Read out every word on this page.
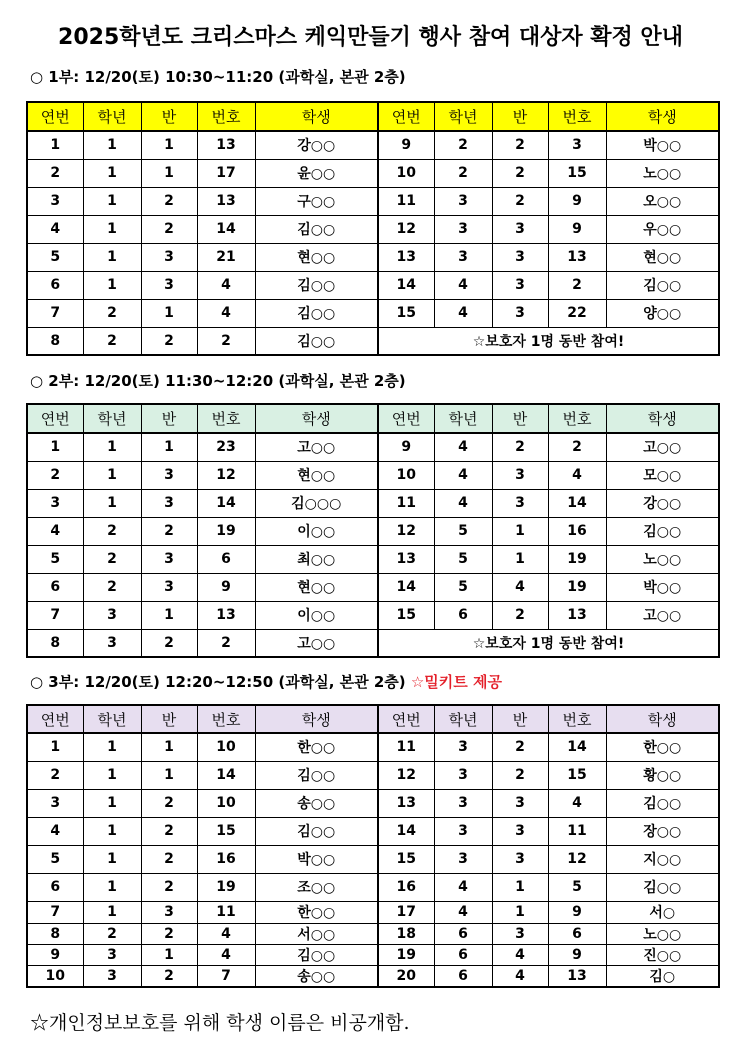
2025학년도 크리스마스 케익만들기 행사 참여 대상자 확정 안내
○ 1부: 12/20(토) 10:30~11:20 (과학실, 본관 2층)
연번	학년	반	번호	학생	연번	학년	반	번호	학생
1	1	1	13	강○○	9	2	2	3	박○○
2	1	1	17	윤○○	10	2	2	15	노○○
3	1	2	13	구○○	11	3	2	9	오○○
4	1	2	14	김○○	12	3	3	9	우○○
5	1	3	21	현○○	13	3	3	13	현○○
6	1	3	4	김○○	14	4	3	2	김○○
7	2	1	4	김○○	15	4	3	22	양○○
8	2	2	2	김○○	☆보호자 1명 동반 참여!				
○ 2부: 12/20(토) 11:30~12:20 (과학실, 본관 2층)
연번	학년	반	번호	학생	연번	학년	반	번호	학생
1	1	1	23	고○○	9	4	2	2	고○○
2	1	3	12	현○○	10	4	3	4	모○○
3	1	3	14	김○○○	11	4	3	14	강○○
4	2	2	19	이○○	12	5	1	16	김○○
5	2	3	6	최○○	13	5	1	19	노○○
6	2	3	9	현○○	14	5	4	19	박○○
7	3	1	13	이○○	15	6	2	13	고○○
8	3	2	2	고○○	☆보호자 1명 동반 참여!				
○ 3부: 12/20(토) 12:20~12:50 (과학실, 본관 2층) ☆밀키트 제공
연번	학년	반	번호	학생	연번	학년	반	번호	학생
1	1	1	10	한○○	11	3	2	14	한○○
2	1	1	14	김○○	12	3	2	15	황○○
3	1	2	10	송○○	13	3	3	4	김○○
4	1	2	15	김○○	14	3	3	11	장○○
5	1	2	16	박○○	15	3	3	12	지○○
6	1	2	19	조○○	16	4	1	5	김○○
7	1	3	11	한○○	17	4	1	9	서○
8	2	2	4	서○○	18	6	3	6	노○○
9	3	1	4	김○○	19	6	4	9	진○○
10	3	2	7	송○○	20	6	4	13	김○
☆개인정보보호를 위해 학생 이름은 비공개함.
